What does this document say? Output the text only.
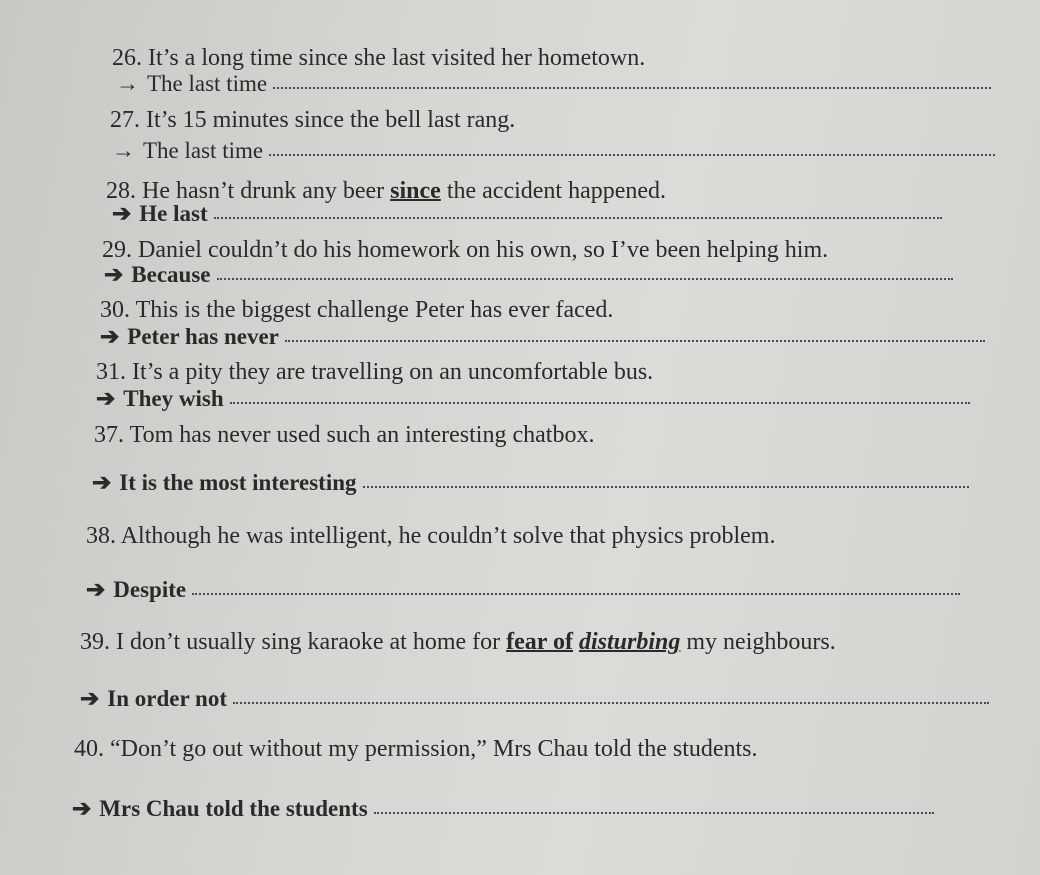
26. It’s a long time since she last visited her hometown.

→ The last time

27. It’s 15 minutes since the bell last rang.

→ The last time

28. He hasn’t drunk any beer since the accident happened.

➔ He last

29. Daniel couldn’t do his homework on his own, so I’ve been helping him.

➔ Because

30. This is the biggest challenge Peter has ever faced.

➔ Peter has never

31. It’s a pity they are travelling on an uncomfortable bus.

➔ They wish

37. Tom has never used such an interesting chatbox.

➔ It is the most interesting

38. Although he was intelligent, he couldn’t solve that physics problem.

➔ Despite

39. I don’t usually sing karaoke at home for fear of disturbing my neighbours.

➔ In order not

40. “Don’t go out without my permission,” Mrs Chau told the students.

➔ Mrs Chau told the students
